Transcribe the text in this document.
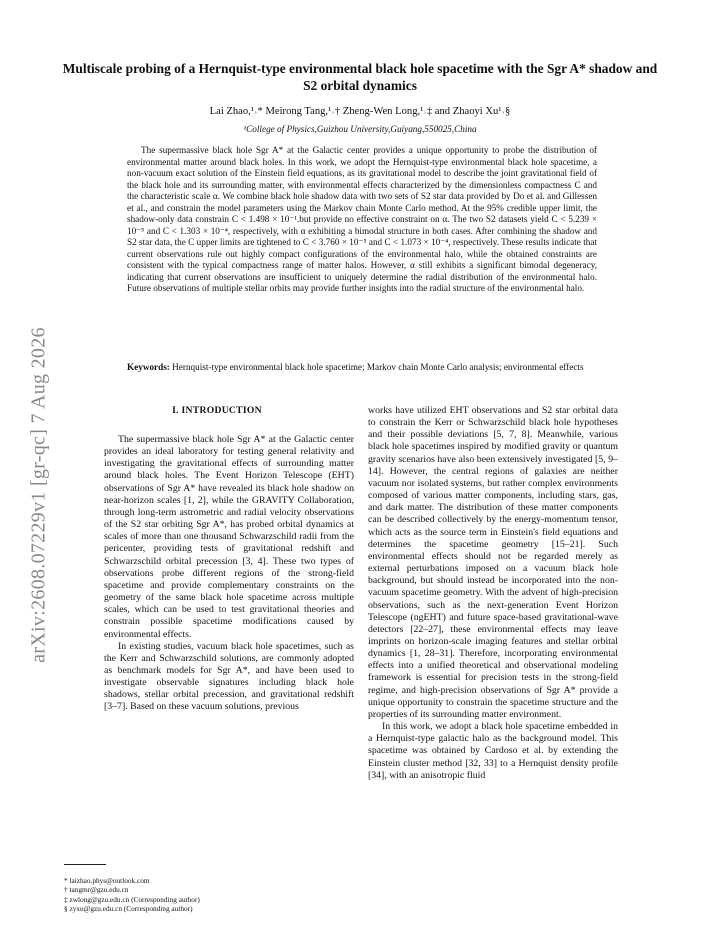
arXiv:2608.07229v1 [gr-qc] 7 Aug 2026
Multiscale probing of a Hernquist-type environmental black hole spacetime with the Sgr A* shadow and S2 orbital dynamics
Lai Zhao,¹˒* Meirong Tang,¹˒† Zheng-Wen Long,¹˒‡ and Zhaoyi Xu¹˒§
¹College of Physics,Guizhou University,Guiyang,550025,China

The supermassive black hole Sgr A* at the Galactic center provides a unique opportunity to probe the distribution of environmental matter around black holes. In this work, we adopt the Hernquist-type environmental black hole spacetime, a non-vacuum exact solution of the Einstein field equations, as its gravitational model to describe the joint gravitational field of the black hole and its surrounding matter, with environmental effects characterized by the dimensionless compactness C and the characteristic scale α. We combine black hole shadow data with two sets of S2 star data provided by Do et al. and Gillessen et al., and constrain the model parameters using the Markov chain Monte Carlo method. At the 95% credible upper limit, the shadow-only data constrain C < 1.498 × 10⁻¹.but provide no effective constraint on α. The two S2 datasets yield C < 5.239 × 10⁻⁵ and C < 1.303 × 10⁻⁴, respectively, with α exhibiting a bimodal structure in both cases. After combining the shadow and S2 star data, the C upper limits are tightened to C < 3.760 × 10⁻⁵ and C < 1.073 × 10⁻⁴, respectively. These results indicate that current observations rule out highly compact configurations of the environmental halo, while the obtained constraints are consistent with the typical compactness range of matter halos. However, α still exhibits a significant bimodal degeneracy, indicating that current observations are insufficient to uniquely determine the radial distribution of the environmental halo. Future observations of multiple stellar orbits may provide further insights into the radial structure of the environmental halo.

Keywords: Hernquist-type environmental black hole spacetime; Markov chain Monte Carlo analysis; environmental effects

I. INTRODUCTION

The supermassive black hole Sgr A* at the Galactic center provides an ideal laboratory for testing general relativity and investigating the gravitational effects of surrounding matter around black holes. The Event Horizon Telescope (EHT) observations of Sgr A* have revealed its black hole shadow on near-horizon scales [1, 2], while the GRAVITY Collaboration, through long-term astrometric and radial velocity observations of the S2 star orbiting Sgr A*, has probed orbital dynamics at scales of more than one thousand Schwarzschild radii from the pericenter, providing tests of gravitational redshift and Schwarzschild orbital precession [3, 4]. These two types of observations probe different regions of the strong-field spacetime and provide complementary constraints on the geometry of the same black hole spacetime across multiple scales, which can be used to test gravitational theories and constrain possible spacetime modifications caused by environmental effects.

In existing studies, vacuum black hole spacetimes, such as the Kerr and Schwarzschild solutions, are commonly adopted as benchmark models for Sgr A*, and have been used to investigate observable signatures including black hole shadows, stellar orbital precession, and gravitational redshift [3–7]. Based on these vacuum solutions, previous

works have utilized EHT observations and S2 star orbital data to constrain the Kerr or Schwarzschild black hole hypotheses and their possible deviations [5, 7, 8]. Meanwhile, various black hole spacetimes inspired by modified gravity or quantum gravity scenarios have also been extensively investigated [5, 9–14]. However, the central regions of galaxies are neither vacuum nor isolated systems, but rather complex environments composed of various matter components, including stars, gas, and dark matter. The distribution of these matter components can be described collectively by the energy-momentum tensor, which acts as the source term in Einstein's field equations and determines the spacetime geometry [15–21]. Such environmental effects should not be regarded merely as external perturbations imposed on a vacuum black hole background, but should instead be incorporated into the non-vacuum spacetime geometry. With the advent of high-precision observations, such as the next-generation Event Horizon Telescope (ngEHT) and future space-based gravitational-wave detectors [22–27], these environmental effects may leave imprints on horizon-scale imaging features and stellar orbital dynamics [1, 28–31]. Therefore, incorporating environmental effects into a unified theoretical and observational modeling framework is essential for precision tests in the strong-field regime, and high-precision observations of Sgr A* provide a unique opportunity to constrain the spacetime structure and the properties of its surrounding matter environment.

In this work, we adopt a black hole spacetime embedded in a Hernquist-type galactic halo as the background model. This spacetime was obtained by Cardoso et al. by extending the Einstein cluster method [32, 33] to a Hernquist density profile [34], with an anisotropic fluid

* laizhao.phys@outlook.com
† tangmr@gzu.edu.cn
‡ zwlong@gzu.edu.cn (Corresponding author)
§ zyxu@gzu.edu.cn (Corresponding author)
